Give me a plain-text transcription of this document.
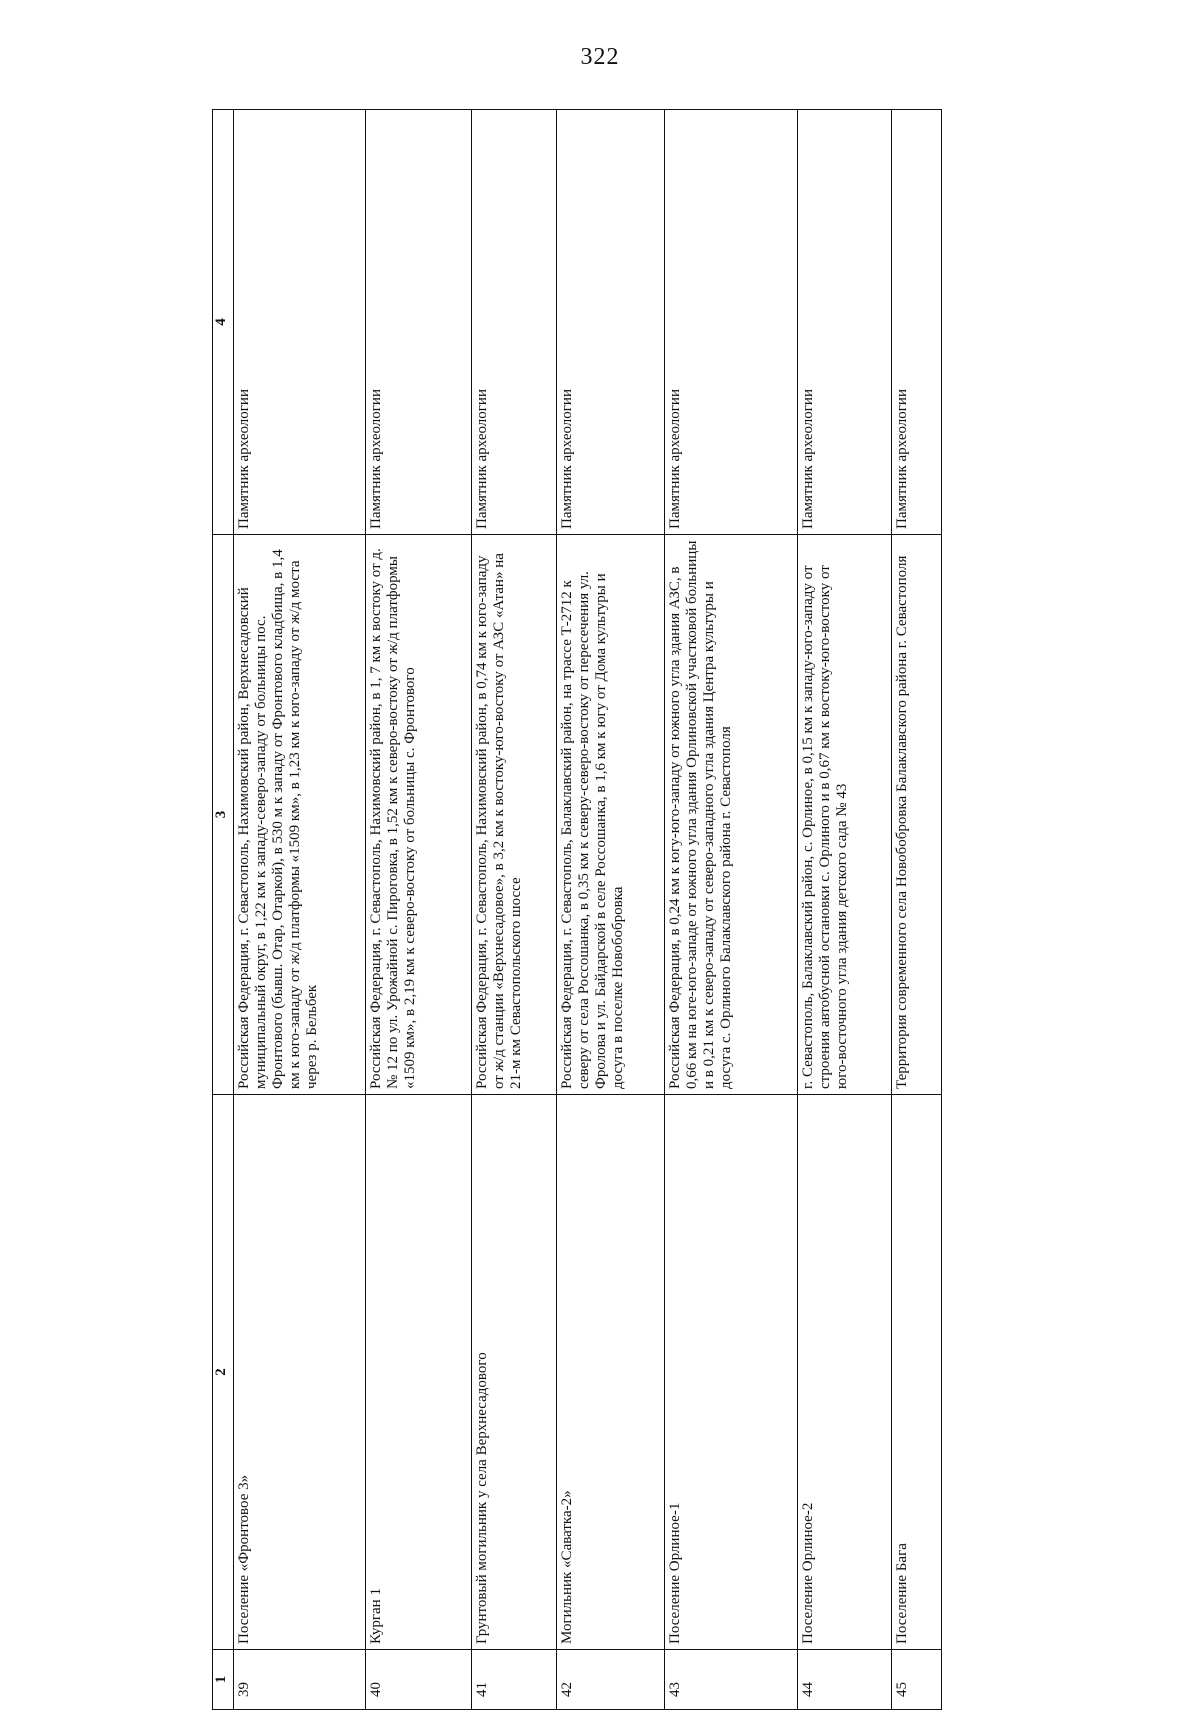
322
1	2	3	4
39	Поселение «Фронтовое 3»	Российская Федерация, г. Севастополь, Нахимовский район, Верхнесадовский муниципальный округ, в 1,22 км к западу-северо-западу от больницы пос. Фронтового (бывш. Отар, Отаркой), в 530 м к западу от Фронтового кладбища, в 1,4 км к юго-западу от ж/д платформы «1509 км», в 1,23 км к юго-западу от ж/д моста через р. Бельбек	Памятник археологии
40	Курган 1	Российская Федерация, г. Севастополь, Нахимовский район, в 1, 7 км к востоку от д. № 12 по ул. Урожайной с. Пироговка, в 1,52 км к северо-востоку от ж/д платформы «1509 км», в 2,19 км к северо-востоку от больницы с. Фронтового	Памятник археологии
41	Грунтовый могильник у села Верхнесадового	Российская Федерация, г. Севастополь, Нахимовский район, в 0,74 км к юго-западу от ж/д станции «Верхнесадовое», в 3,2 км к востоку-юго-востоку от АЗС «Атан» на 21-м км Севастопольского шоссе	Памятник археологии
42	Могильник «Саватка-2»	Российская Федерация, г. Севастополь, Балаклавский район, на трассе Т-2712 к северу от села Россошанка, в 0,35 км к северу-северо-востоку от пересечения ул. Фролова и ул. Байдарской в селе Россошанка, в 1,6 км к югу от Дома культуры и досуга в поселке Новобобровка	Памятник археологии
43	Поселение Орлиное-1	Российская Федерация, в 0,24 км к югу-юго-западу от южного угла здания АЗС, в 0,66 км на юге-юго-западе от южного угла здания Орлиновской участковой больницы и в 0,21 км к северо-западу от северо-западного угла здания Центра культуры и досуга с. Орлиного Балаклавского района г. Севастополя	Памятник археологии
44	Поселение Орлиное-2	г. Севастополь, Балаклавский район, с. Орлиное, в 0,15 км к западу-юго-западу от строения автобусной остановки с. Орлиного и в 0,67 км к востоку-юго-востоку от юго-восточного угла здания детского сада № 43	Памятник археологии
45	Поселение Бага	Территория современного села Новобобровка Балаклавского района г. Севастополя	Памятник археологии
